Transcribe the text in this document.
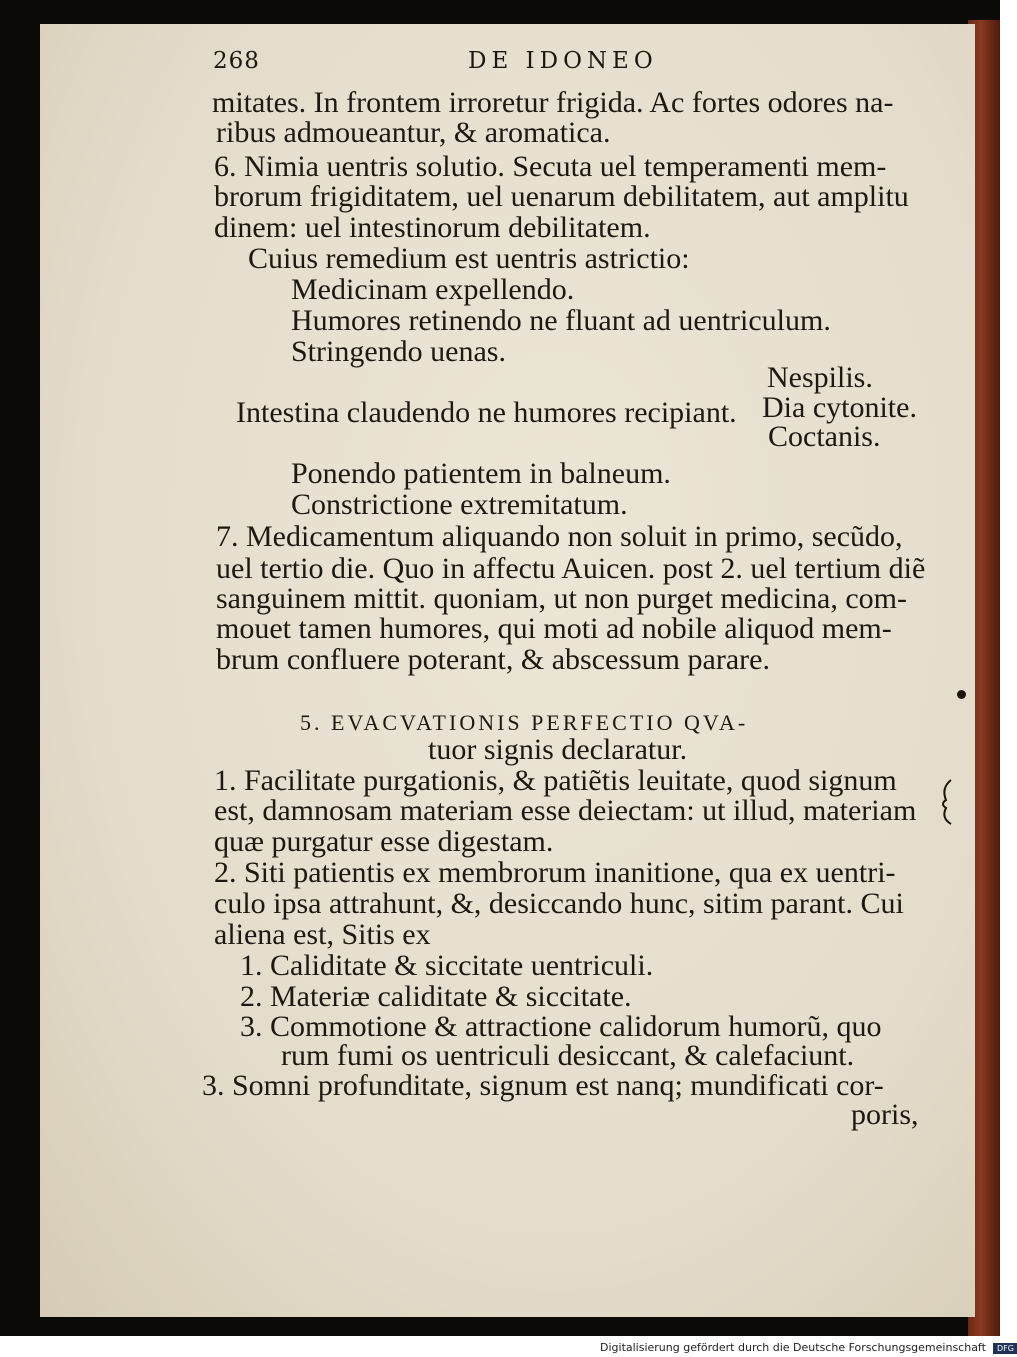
268	DE IDONEO
mitates. In frontem irroretur frigida. Ac fortes odores na-
ribus admoueantur, & aromatica.
6. Nimia uentris solutio. Secuta uel temperamenti mem-
brorum frigiditatem, uel uenarum debilitatem, aut amplitu
dinem: uel intestinorum debilitatem.
Cuius remedium est uentris astrictio:
Medicinam expellendo.
Humores retinendo ne fluant ad uentriculum.
Stringendo uenas.
Nespilis.
Intestina claudendo ne humores recipiant. Dia cytonite.
Coctanis.
Ponendo patientem in balneum.
Constrictione extremitatum.
7. Medicamentum aliquando non soluit in primo, secũdo,
uel tertio die. Quo in affectu Auicen. post 2. uel tertium diẽ
sanguinem mittit. quoniam, ut non purget medicina, com-
mouet tamen humores, qui moti ad nobile aliquod mem-
brum confluere poterant, & abscessum parare.
5. EVACVATIONIS PERFECTIO QVA-
tuor signis declaratur.
1. Facilitate purgationis, & patiẽtis leuitate, quod signum
est, damnosam materiam esse deiectam: ut illud, materiam
quæ purgatur esse digestam.
2. Siti patientis ex membrorum inanitione, qua ex uentri-
culo ipsa attrahunt, &, desiccando hunc, sitim parant. Cui
aliena est, Sitis ex
1. Caliditate & siccitate uentriculi.
2. Materiæ caliditate & siccitate.
3. Commotione & attractione calidorum humorũ, quo
rum fumi os uentriculi desiccant, & calefaciunt.
3. Somni profunditate, signum est nanq; mundificati cor-
poris,
Digitalisierung gefördert durch die Deutsche Forschungsgemeinschaft DFG
